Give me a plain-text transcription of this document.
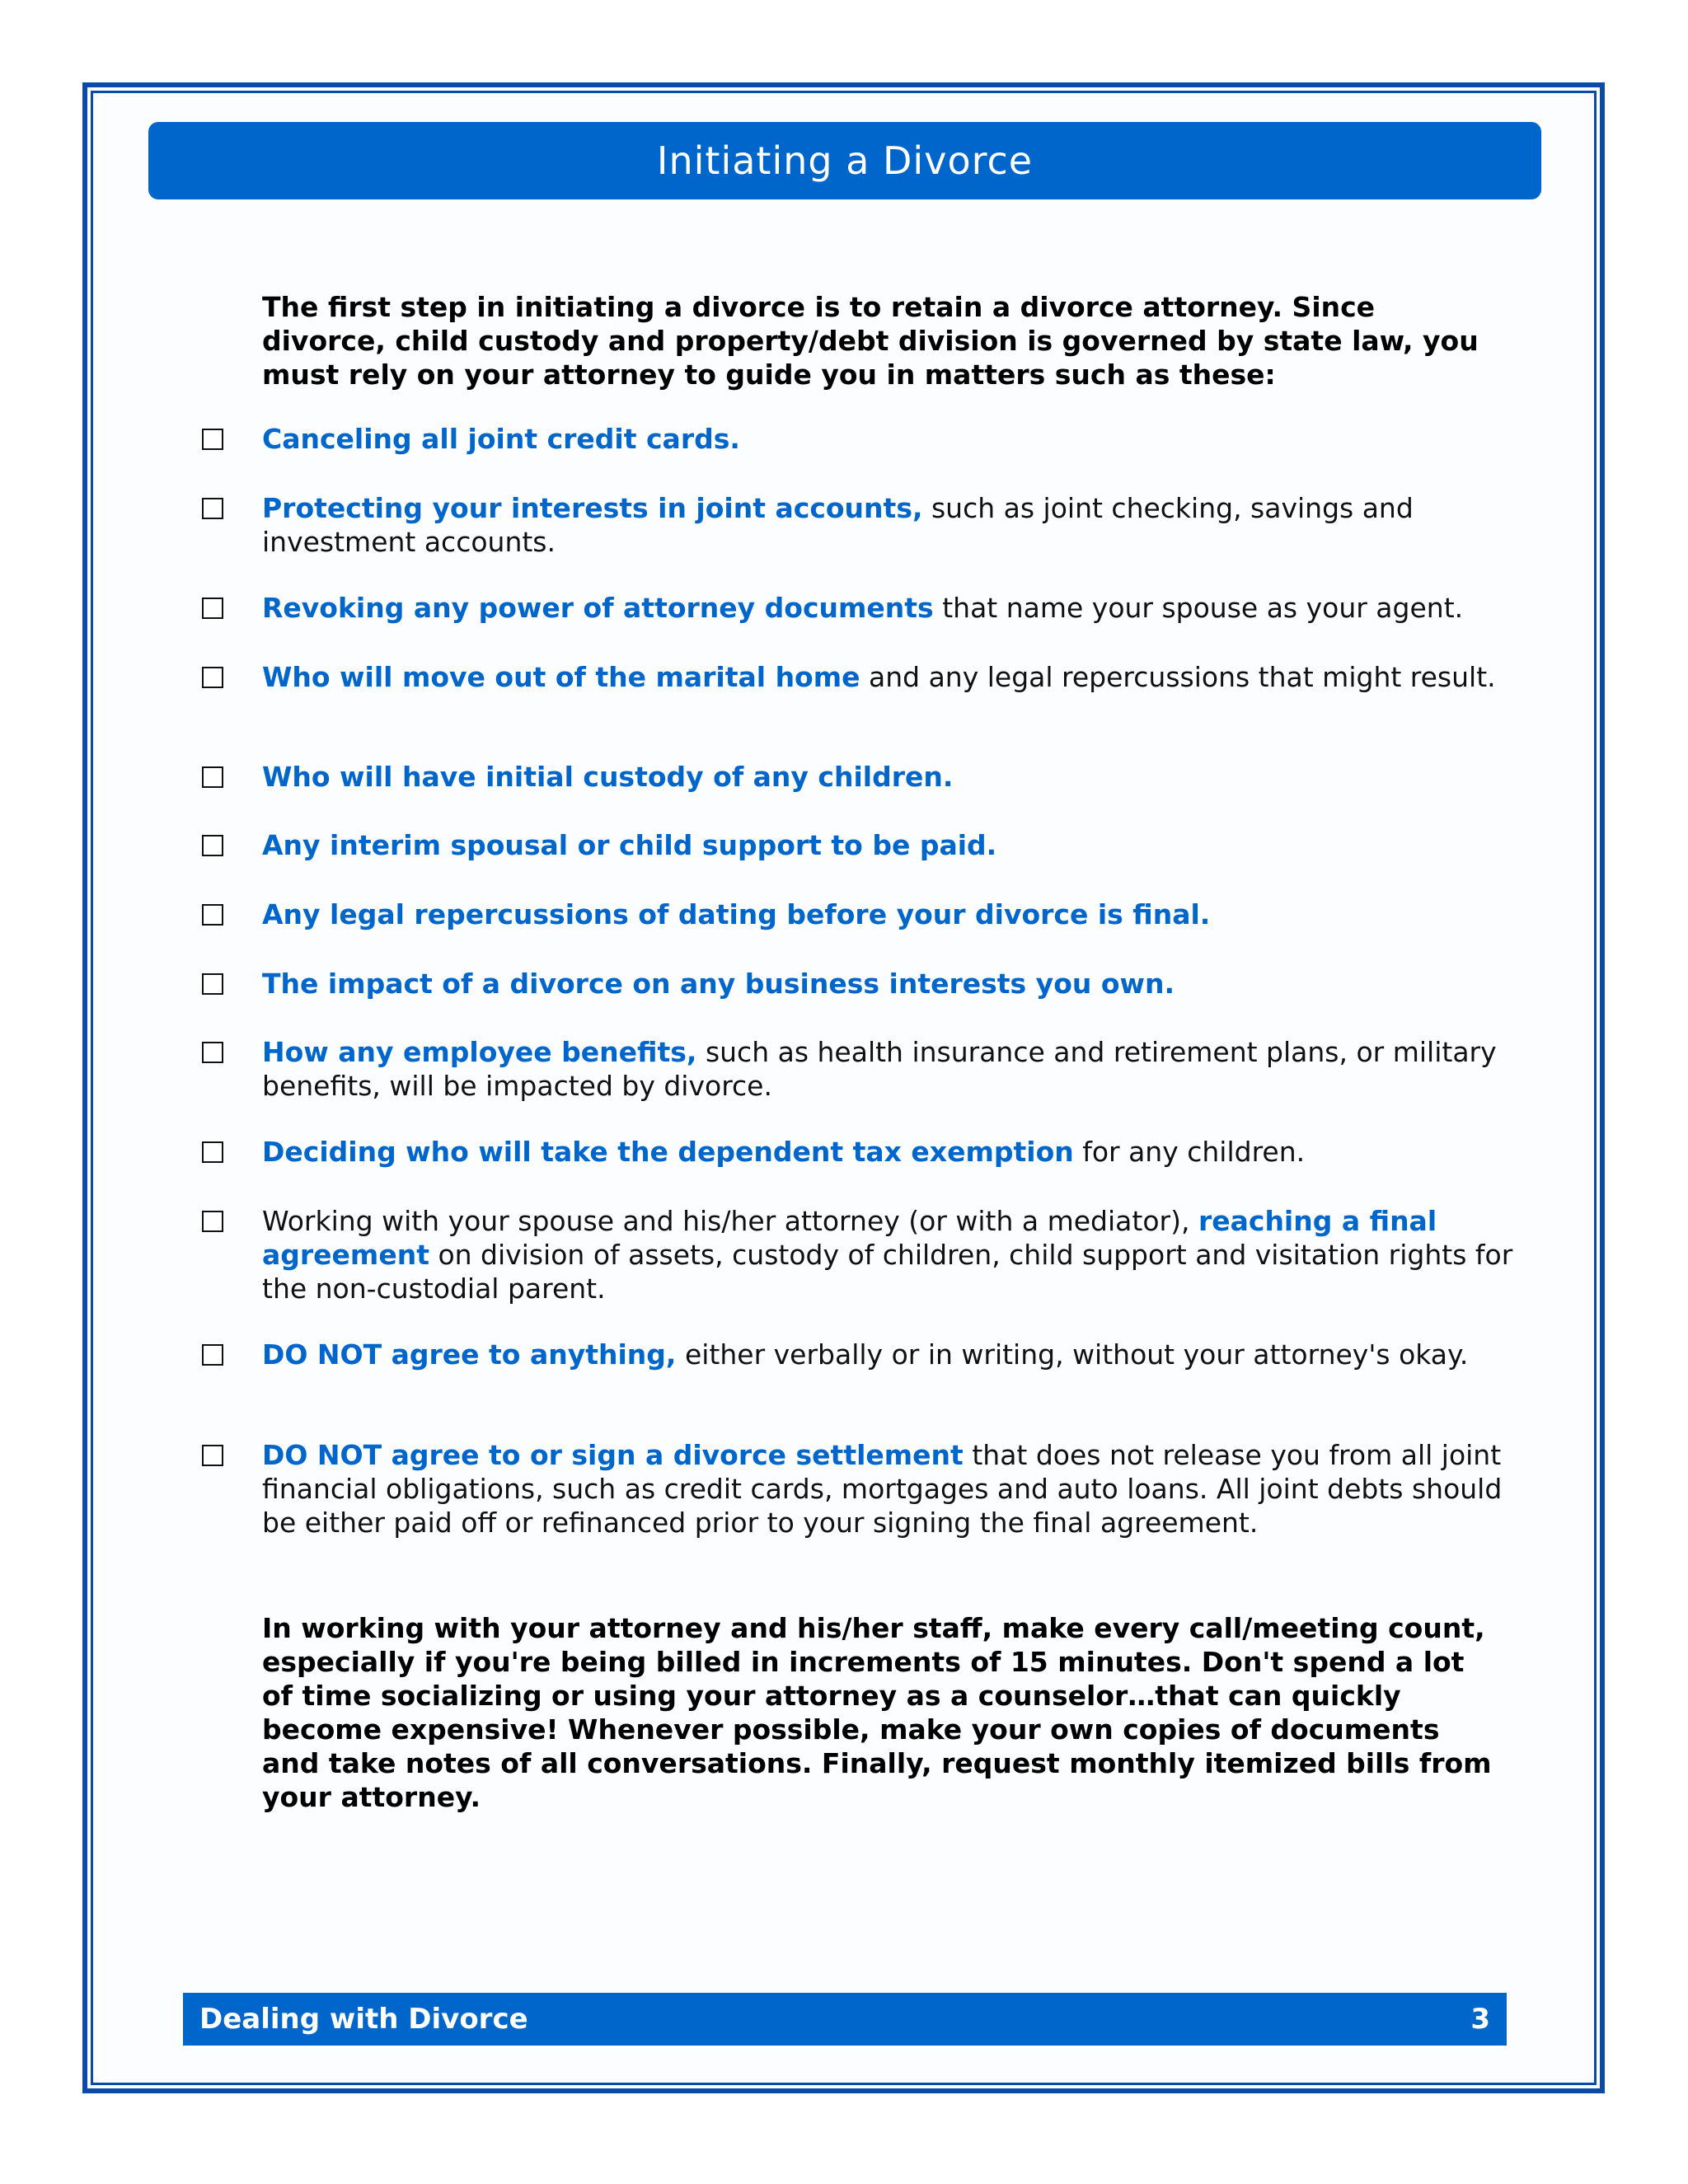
Initiating a Divorce
The first step in initiating a divorce is to retain a divorce attorney. Since divorce, child custody and property/debt division is governed by state law, you must rely on your attorney to guide you in matters such as these:
Canceling all joint credit cards.
Protecting your interests in joint accounts, such as joint checking, savings and investment accounts.
Revoking any power of attorney documents that name your spouse as your agent.
Who will move out of the marital home and any legal repercussions that might result.
Who will have initial custody of any children.
Any interim spousal or child support to be paid.
Any legal repercussions of dating before your divorce is final.
The impact of a divorce on any business interests you own.
How any employee benefits, such as health insurance and retirement plans, or military benefits, will be impacted by divorce.
Deciding who will take the dependent tax exemption for any children.
Working with your spouse and his/her attorney (or with a mediator), reaching a final agreement on division of assets, custody of children, child support and visitation rights for the non-custodial parent.
DO NOT agree to anything, either verbally or in writing, without your attorney's okay.
DO NOT agree to or sign a divorce settlement that does not release you from all joint financial obligations, such as credit cards, mortgages and auto loans. All joint debts should be either paid off or refinanced prior to your signing the final agreement.
In working with your attorney and his/her staff, make every call/meeting count, especially if you're being billed in increments of 15 minutes. Don't spend a lot of time socializing or using your attorney as a counselor…that can quickly become expensive! Whenever possible, make your own copies of documents and take notes of all conversations. Finally, request monthly itemized bills from your attorney.
Dealing with Divorce	3
